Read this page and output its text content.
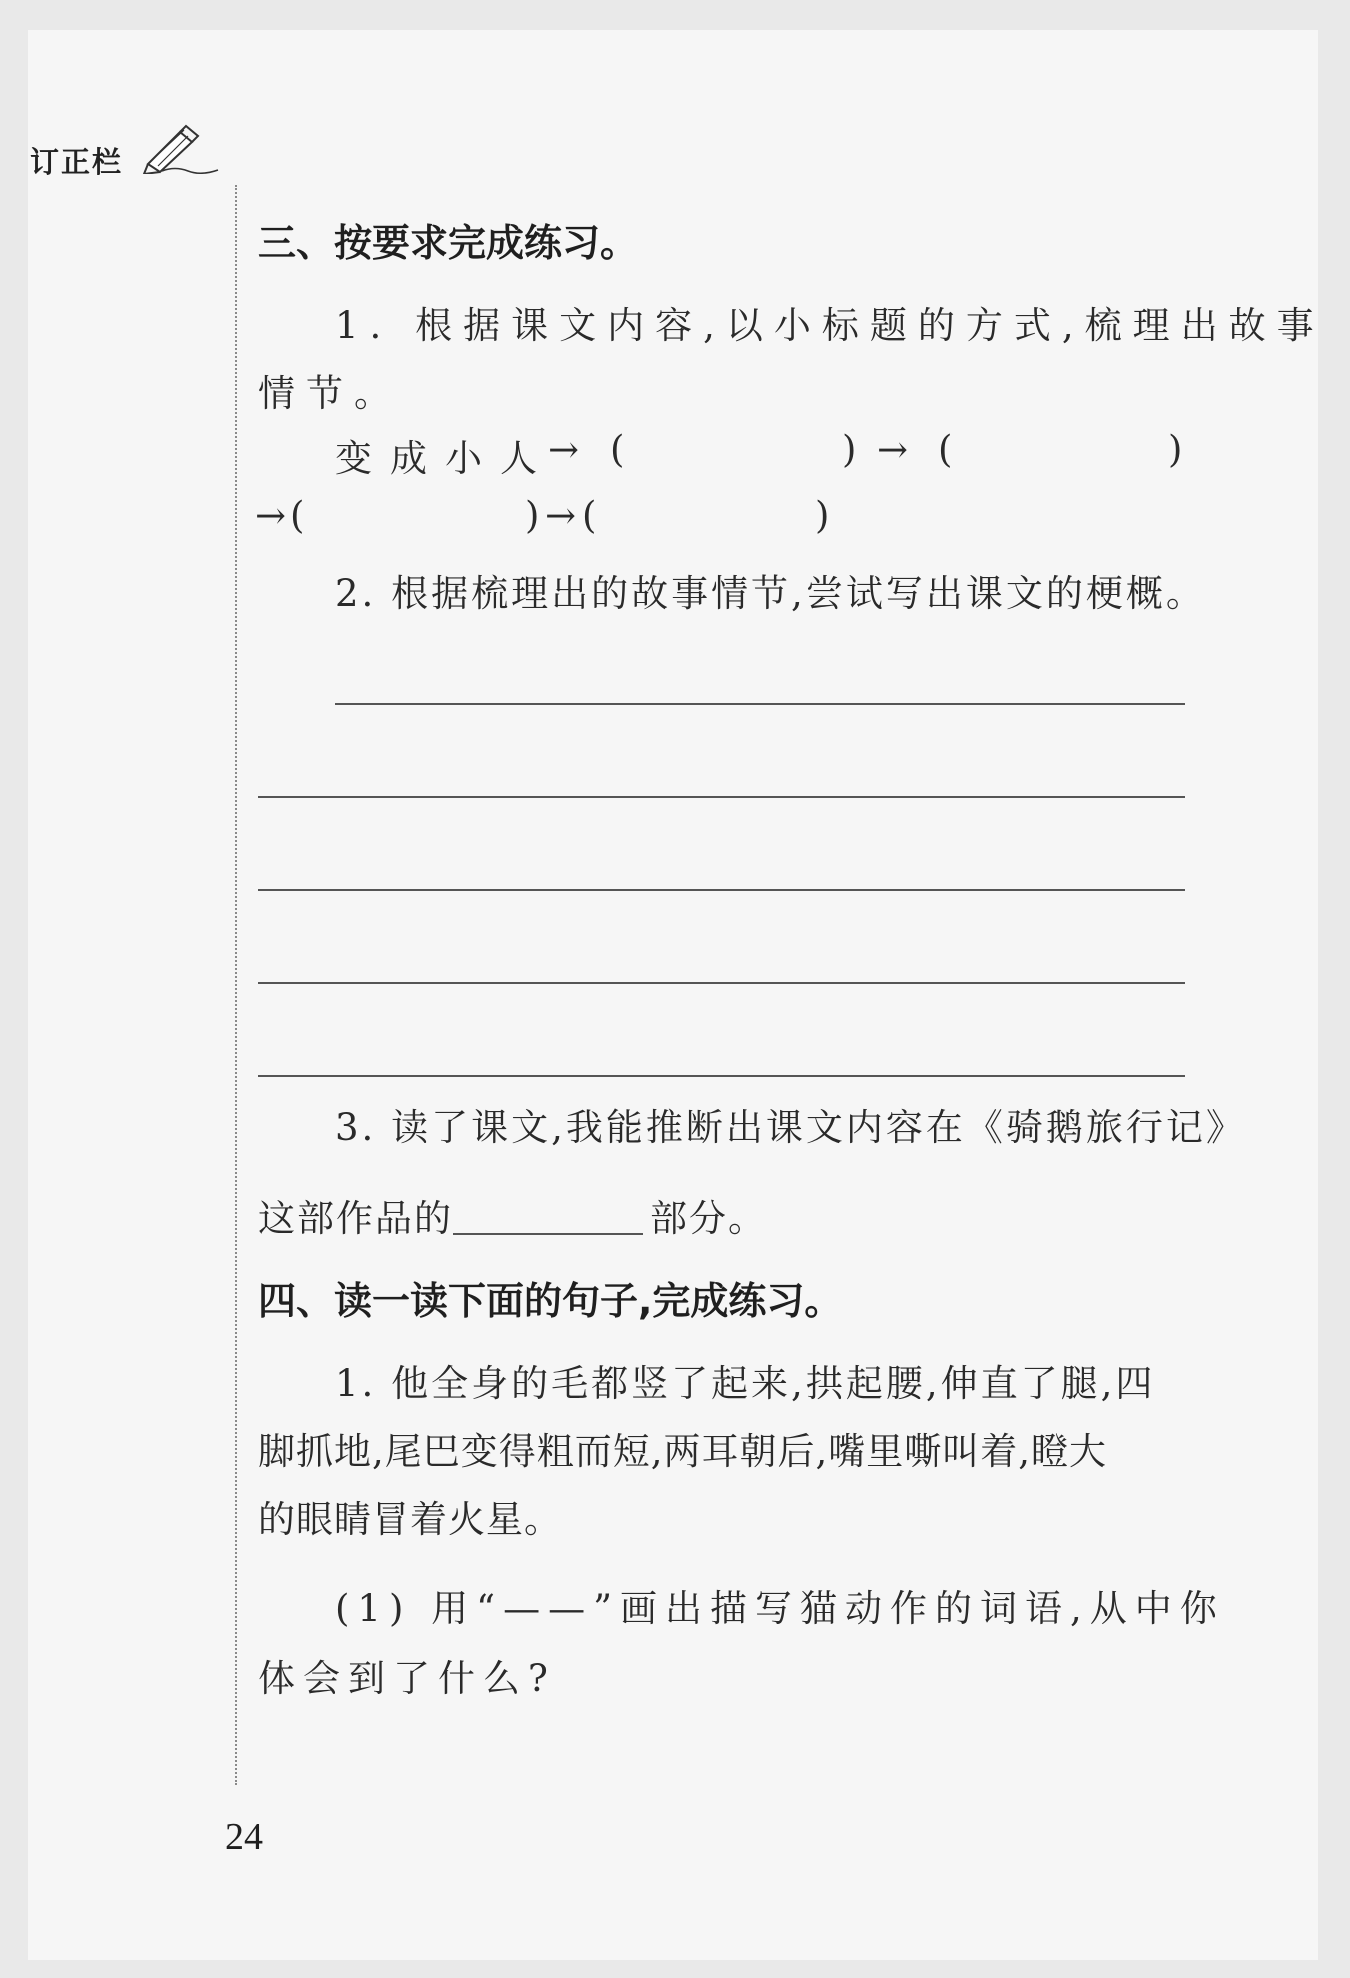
订正栏
三、按要求完成练习。
1. 根据课文内容,以小标题的方式,梳理出故事
情节。
变成小人
→ (	) → (	)
→ (	) → (	)
2. 根据梳理出的故事情节,尝试写出课文的梗概。
3. 读了课文,我能推断出课文内容在《骑鹅旅行记》
这部作品的	部分。
四、读一读下面的句子,完成练习。
1. 他全身的毛都竖了起来,拱起腰,伸直了腿,四
脚抓地,尾巴变得粗而短,两耳朝后,嘴里嘶叫着,瞪大
的眼睛冒着火星。
(1) 用“——”画出描写猫动作的词语,从中你
体会到了什么?
24
